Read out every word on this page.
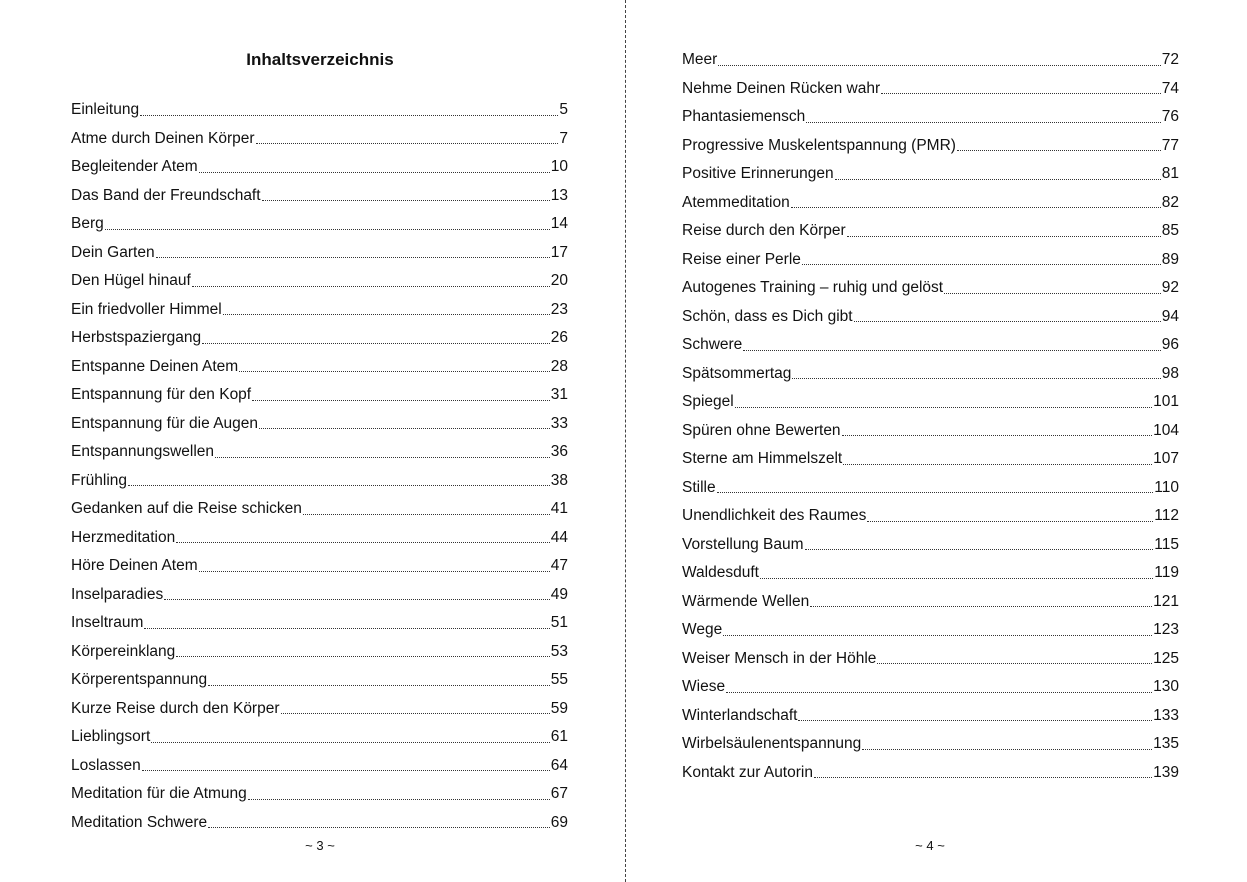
Inhaltsverzeichnis
Einleitung	5
Atme durch Deinen Körper	7
Begleitender Atem	10
Das Band der Freundschaft	13
Berg	14
Dein Garten	17
Den Hügel hinauf	20
Ein friedvoller Himmel	23
Herbstspaziergang	26
Entspanne Deinen Atem	28
Entspannung für den Kopf	31
Entspannung für die Augen	33
Entspannungswellen	36
Frühling	38
Gedanken auf die Reise schicken	41
Herzmeditation	44
Höre Deinen Atem	47
Inselparadies	49
Inseltraum	51
Körpereinklang	53
Körperentspannung	55
Kurze Reise durch den Körper	59
Lieblingsort	61
Loslassen	64
Meditation für die Atmung	67
Meditation Schwere	69
~ 3 ~
Meer	72
Nehme Deinen Rücken wahr	74
Phantasiemensch	76
Progressive Muskelentspannung (PMR)	77
Positive Erinnerungen	81
Atemmeditation	82
Reise durch den Körper	85
Reise einer Perle	89
Autogenes Training – ruhig und gelöst	92
Schön, dass es Dich gibt	94
Schwere	96
Spätsommertag	98
Spiegel	101
Spüren ohne Bewerten	104
Sterne am Himmelszelt	107
Stille	110
Unendlichkeit des Raumes	112
Vorstellung Baum	115
Waldesduft	119
Wärmende Wellen	121
Wege	123
Weiser Mensch in der Höhle	125
Wiese	130
Winterlandschaft	133
Wirbelsäulenentspannung	135
Kontakt zur Autorin	139
~ 4 ~
